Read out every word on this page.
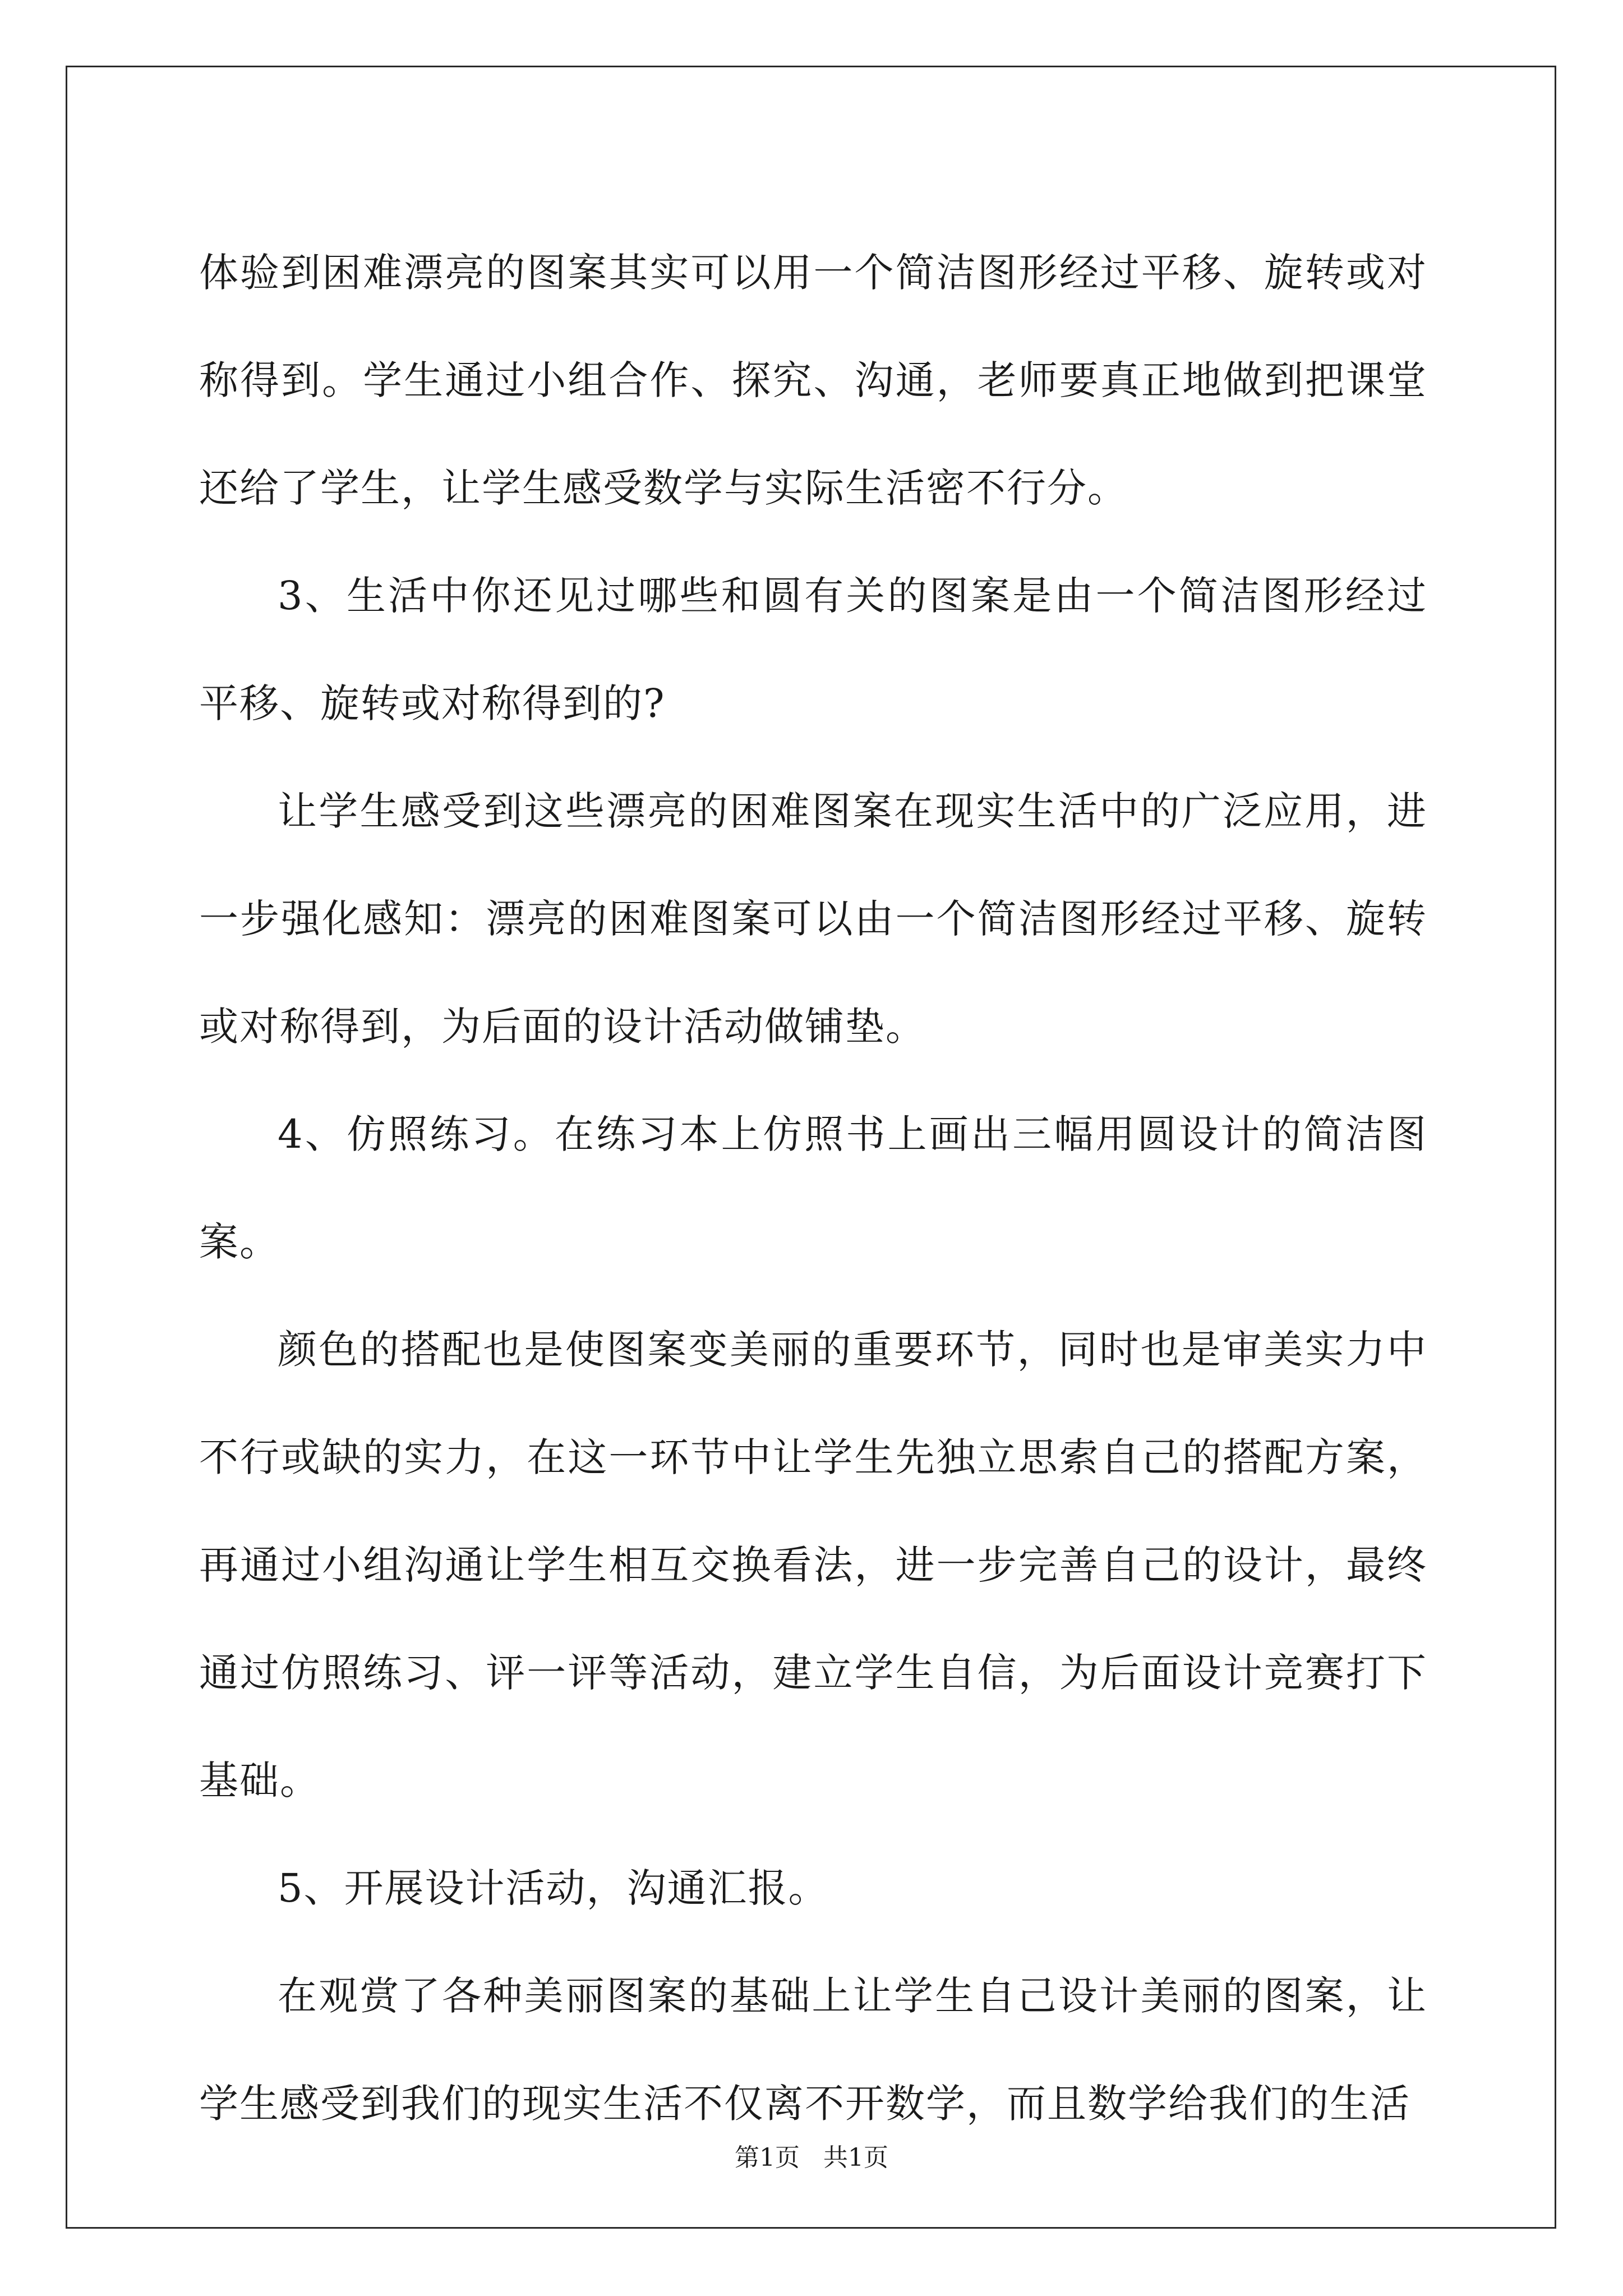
体验到困难漂亮的图案其实可以用一个简洁图形经过平移、旋转或对称得到。学生通过小组合作、探究、沟通，老师要真正地做到把课堂还给了学生，让学生感受数学与实际生活密不行分。

3、生活中你还见过哪些和圆有关的图案是由一个简洁图形经过平移、旋转或对称得到的?

让学生感受到这些漂亮的困难图案在现实生活中的广泛应用，进一步强化感知：漂亮的困难图案可以由一个简洁图形经过平移、旋转或对称得到，为后面的设计活动做铺垫。

4、仿照练习。在练习本上仿照书上画出三幅用圆设计的简洁图案。

颜色的搭配也是使图案变美丽的重要环节，同时也是审美实力中不行或缺的实力，在这一环节中让学生先独立思索自己的搭配方案，再通过小组沟通让学生相互交换看法，进一步完善自己的设计，最终通过仿照练习、评一评等活动，建立学生自信，为后面设计竞赛打下基础。

5、开展设计活动，沟通汇报。

在观赏了各种美丽图案的基础上让学生自己设计美丽的图案，让学生感受到我们的现实生活不仅离不开数学，而且数学给我们的生活

第1页   共1页
